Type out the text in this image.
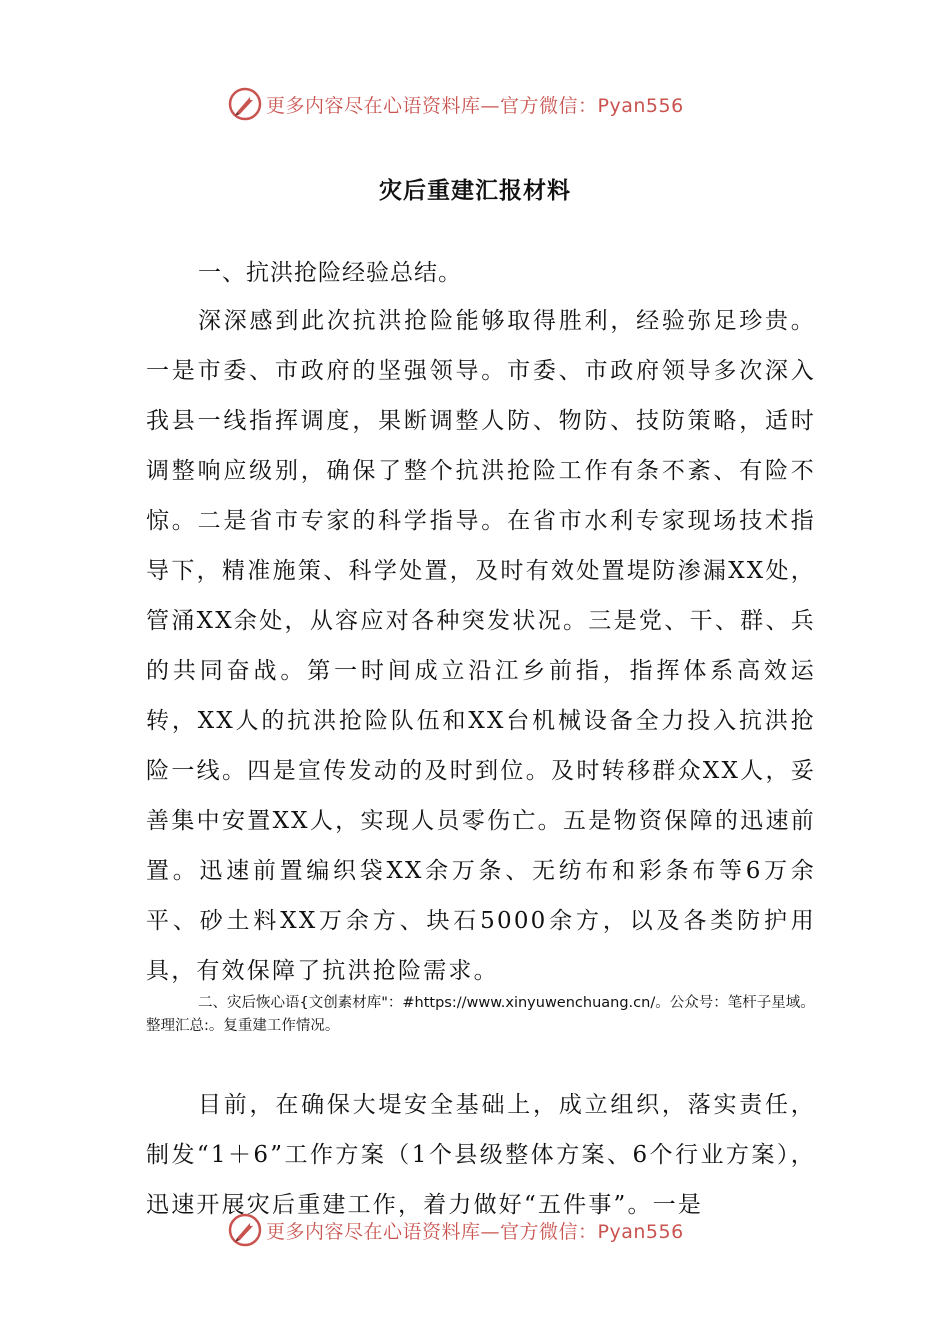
更多内容尽在心语资料库—官方微信：Pyan556
灾后重建汇报材料
一、抗洪抢险经验总结。

深深感到此次抗洪抢险能够取得胜利，经验弥足珍贵。一是市委、市政府的坚强领导。市委、市政府领导多次深入我县一线指挥调度，果断调整人防、物防、技防策略，适时调整响应级别，确保了整个抗洪抢险工作有条不紊、有险不惊。二是省市专家的科学指导。在省市水利专家现场技术指导下，精准施策、科学处置，及时有效处置堤防渗漏XX处，管涌XX余处，从容应对各种突发状况。三是党、干、群、兵的共同奋战。第一时间成立沿江乡前指，指挥体系高效运转，XX人的抗洪抢险队伍和XX台机械设备全力投入抗洪抢险一线。四是宣传发动的及时到位。及时转移群众XX人，妥善集中安置XX人，实现人员零伤亡。五是物资保障的迅速前置。迅速前置编织袋XX余万条、无纺布和彩条布等6万余平、砂土料XX万余方、块石5000余方，以及各类防护用具，有效保障了抗洪抢险需求。

二、灾后恢心语{文创素材库"：#https://www.xinyuwenchuang.cn/。公众号：笔杆子星域。整理汇总:。复重建工作情况。

目前，在确保大堤安全基础上，成立组织，落实责任，制发“1＋6”工作方案（1个县级整体方案、6个行业方案），迅速开展灾后重建工作，着力做好“五件事”。一是

更多内容尽在心语资料库—官方微信：Pyan556
